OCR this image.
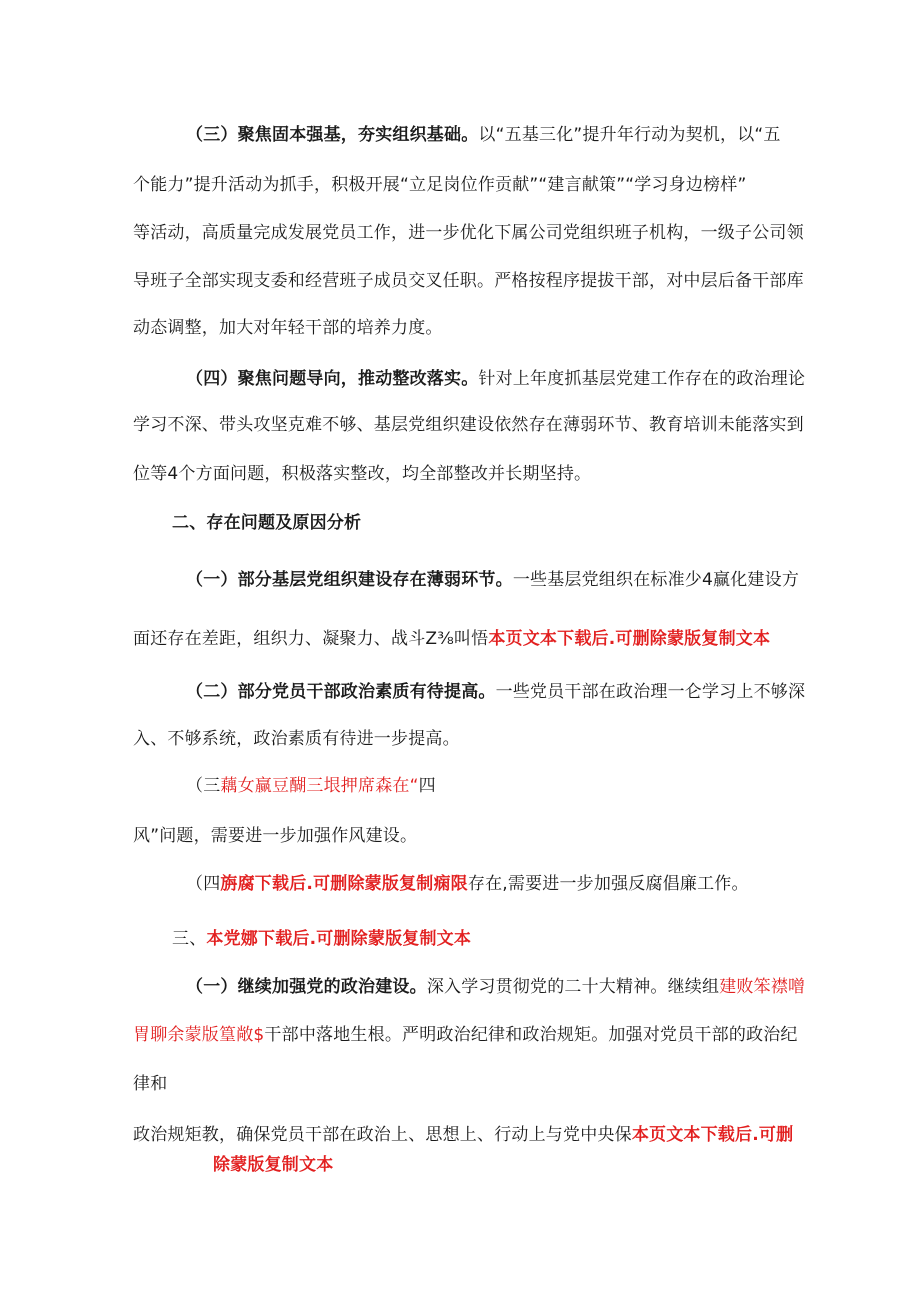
（三）聚焦固本强基，夯实组织基础。以“五基三化”提升年行动为契机，以“五
个能力”提升活动为抓手，积极开展“立足岗位作贡献”“建言献策”“学习身边榜样”
等活动，高质量完成发展党员工作，进一步优化下属公司党组织班子机构，一级子公司领
导班子全部实现支委和经营班子成员交叉任职。严格按程序提拔干部，对中层后备干部库
动态调整，加大对年轻干部的培养力度。
（四）聚焦问题导向，推动整改落实。针对上年度抓基层党建工作存在的政治理论
学习不深、带头攻坚克难不够、基层党组织建设依然存在薄弱环节、教育培训未能落实到
位等4个方面问题，积极落实整改，均全部整改并长期坚持。
二、存在问题及原因分析
（一）部分基层党组织建设存在薄弱环节。一些基层党组织在标准少4赢化建设方
面还存在差距，组织力、凝聚力、战斗Z⅜叫悟本页文本下载后.可删除蒙版复制文本
（二）部分党员干部政治素质有待提高。一些党员干部在政治理一仑学习上不够深
入、不够系统，政治素质有待进一步提高。
（三藕女赢豆醐三垠押席森在“四
风”问题，需要进一步加强作风建设。
（四旃腐下载后.可删除蒙版复制痫限存在,需要进一步加强反腐倡廉工作。
三、本党娜下载后.可删除蒙版复制文本
（一）继续加强党的政治建设。深入学习贯彻党的二十大精神。继续组建败笨襟噌
胃聊余蒙版篁敞$干部中落地生根。严明政治纪律和政治规矩。加强对党员干部的政治纪
律和
政治规矩教，确保党员干部在政治上、思想上、行动上与党中央保本页文本下载后.可删
除蒙版复制文本
